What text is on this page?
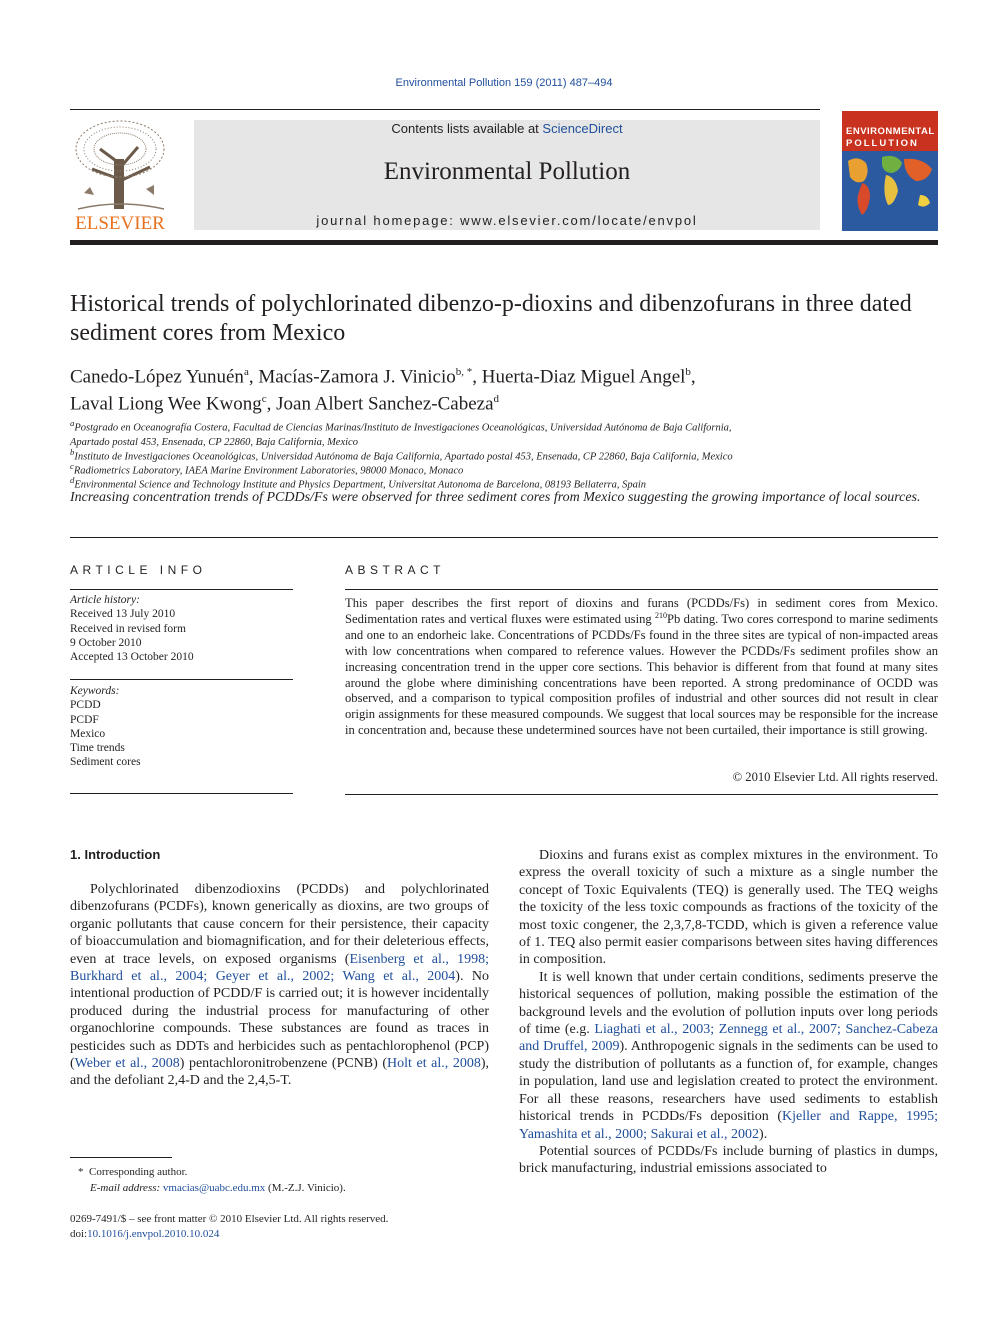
Environmental Pollution 159 (2011) 487–494
ELSEVIER
Contents lists available at ScienceDirect
Environmental Pollution
journal homepage: www.elsevier.com/locate/envpol
ENVIRONMENTAL
POLLUTION
Historical trends of polychlorinated dibenzo-p-dioxins and dibenzofurans in three dated sediment cores from Mexico
Canedo-López Yunuén$^a$, Macías-Zamora J. Vinicio$^{b, *}$, Huerta-Diaz Miguel Angel$^b$,
Laval Liong Wee Kwong$^c$, Joan Albert Sanchez-Cabeza$^d$
$^a$Postgrado en Oceanografía Costera, Facultad de Ciencias Marinas/Instituto de Investigaciones Oceanológicas, Universidad Autónoma de Baja California,
Apartado postal 453, Ensenada, CP 22860, Baja California, Mexico
$^b$Instituto de Investigaciones Oceanológicas, Universidad Autónoma de Baja California, Apartado postal 453, Ensenada, CP 22860, Baja California, Mexico
$^c$Radiometrics Laboratory, IAEA Marine Environment Laboratories, 98000 Monaco, Monaco
$^d$Environmental Science and Technology Institute and Physics Department, Universitat Autonoma de Barcelona, 08193 Bellaterra, Spain
Increasing concentration trends of PCDDs/Fs were observed for three sediment cores from Mexico suggesting the growing importance of local sources.
ARTICLE INFO
Article history:
Received 13 July 2010
Received in revised form
9 October 2010
Accepted 13 October 2010
Keywords:
PCDD
PCDF
Mexico
Time trends
Sediment cores
ABSTRACT
This paper describes the first report of dioxins and furans (PCDDs/Fs) in sediment cores from Mexico. Sedimentation rates and vertical fluxes were estimated using $^{210}$Pb dating. Two cores correspond to marine sediments and one to an endorheic lake. Concentrations of PCDDs/Fs found in the three sites are typical of non-impacted areas with low concentrations when compared to reference values. However the PCDDs/Fs sediment profiles show an increasing concentration trend in the upper core sections. This behavior is different from that found at many sites around the globe where diminishing concentrations have been reported. A strong predominance of OCDD was observed, and a comparison to typical composition profiles of industrial and other sources did not result in clear origin assignments for these measured compounds. We suggest that local sources may be responsible for the increase in concentration and, because these undetermined sources have not been curtailed, their importance is still growing.
© 2010 Elsevier Ltd. All rights reserved.
1. Introduction

Polychlorinated dibenzodioxins (PCDDs) and polychlorinated dibenzofurans (PCDFs), known generically as dioxins, are two groups of organic pollutants that cause concern for their persistence, their capacity of bioaccumulation and biomagnification, and for their deleterious effects, even at trace levels, on exposed organisms (Eisenberg et al., 1998; Burkhard et al., 2004; Geyer et al., 2002; Wang et al., 2004). No intentional production of PCDD/F is carried out; it is however incidentally produced during the industrial process for manufacturing of other organochlorine compounds. These substances are found as traces in pesticides such as DDTs and herbicides such as pentachlorophenol (PCP) (Weber et al., 2008) pentachloronitrobenzene (PCNB) (Holt et al., 2008), and the defoliant 2,4-D and the 2,4,5-T.

Dioxins and furans exist as complex mixtures in the environment. To express the overall toxicity of such a mixture as a single number the concept of Toxic Equivalents (TEQ) is generally used. The TEQ weighs the toxicity of the less toxic compounds as fractions of the toxicity of the most toxic congener, the 2,3,7,8-TCDD, which is given a reference value of 1. TEQ also permit easier comparisons between sites having differences in composition.

It is well known that under certain conditions, sediments preserve the historical sequences of pollution, making possible the estimation of the background levels and the evolution of pollution inputs over long periods of time (e.g. Liaghati et al., 2003; Zennegg et al., 2007; Sanchez-Cabeza and Druffel, 2009). Anthropogenic signals in the sediments can be used to study the distribution of pollutants as a function of, for example, changes in population, land use and legislation created to protect the environment. For all these reasons, researchers have used sediments to establish historical trends in PCDDs/Fs deposition (Kjeller and Rappe, 1995; Yamashita et al., 2000; Sakurai et al., 2002).

Potential sources of PCDDs/Fs include burning of plastics in dumps, brick manufacturing, industrial emissions associated to

* Corresponding author.
E-mail address: vmacias@uabc.edu.mx (M.-Z.J. Vinicio).
0269-7491/$ – see front matter © 2010 Elsevier Ltd. All rights reserved.
doi:10.1016/j.envpol.2010.10.024
